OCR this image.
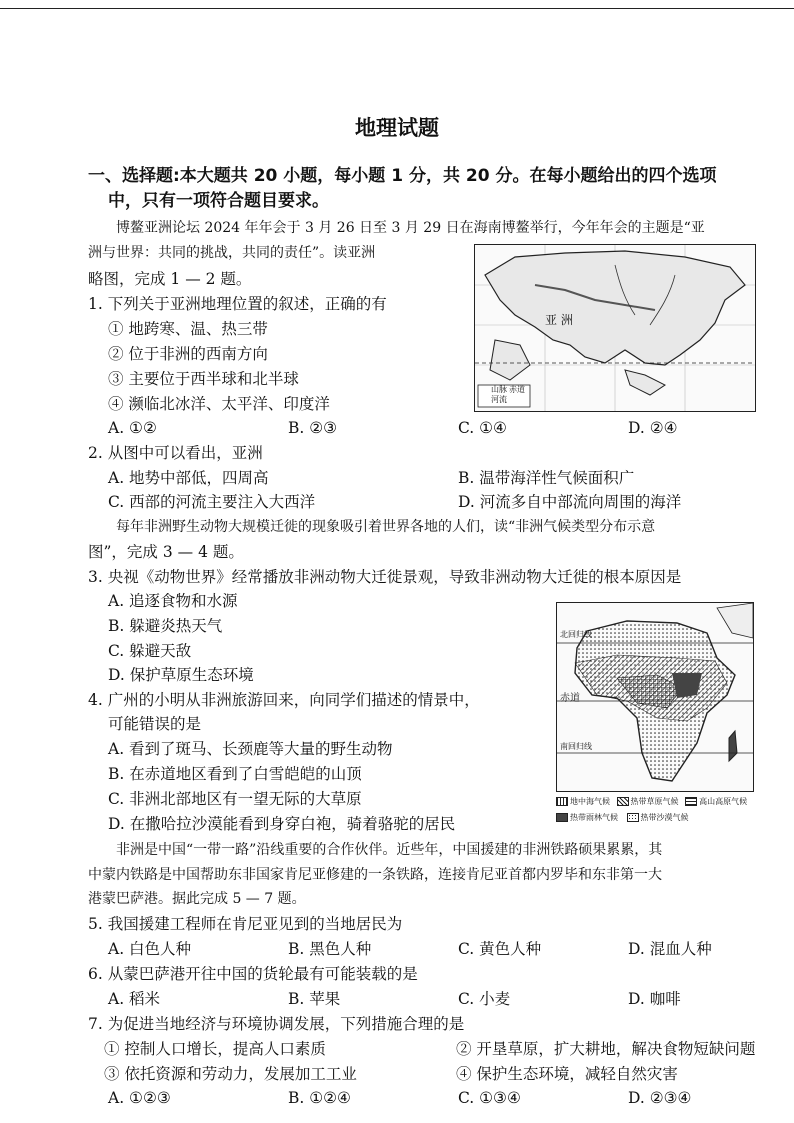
地理试题
一、选择题:本大题共 20 小题，每小题 1 分，共 20 分。在每小题给出的四个选项
中，只有一项符合题目要求。
博鳌亚洲论坛 2024 年年会于 3 月 26 日至 3 月 29 日在海南博鳌举行，今年年会的主题是“亚
洲与世界：共同的挑战，共同的责任”。读亚洲
略图，完成 1 — 2 题。
亚 洲
山脉
河流
赤道
1. 下列关于亚洲地理位置的叙述，正确的有
① 地跨寒、温、热三带
② 位于非洲的西南方向
③ 主要位于西半球和北半球
④ 濒临北冰洋、太平洋、印度洋
A. ①②	B. ②③	C. ①④	D. ②④
2. 从图中可以看出，亚洲
A. 地势中部低，四周高	B. 温带海洋性气候面积广
C. 西部的河流主要注入大西洋	D. 河流多自中部流向周围的海洋
每年非洲野生动物大规模迁徙的现象吸引着世界各地的人们，读“非洲气候类型分布示意
图”，完成 3 — 4 题。
3. 央视《动物世界》经常播放非洲动物大迁徙景观，导致非洲动物大迁徙的根本原因是
A. 追逐食物和水源
B. 躲避炎热天气
C. 躲避天敌
D. 保护草原生态环境
北回归线
赤道
南回归线
地中海气候	热带草原气候	高山高原气候
热带雨林气候	热带沙漠气候
4. 广州的小明从非洲旅游回来，向同学们描述的情景中，
可能错误的是
A. 看到了斑马、长颈鹿等大量的野生动物
B. 在赤道地区看到了白雪皑皑的山顶
C. 非洲北部地区有一望无际的大草原
D. 在撒哈拉沙漠能看到身穿白袍，骑着骆驼的居民
非洲是中国“一带一路”沿线重要的合作伙伴。近些年，中国援建的非洲铁路硕果累累，其
中蒙内铁路是中国帮助东非国家肯尼亚修建的一条铁路，连接肯尼亚首都内罗毕和东非第一大
港蒙巴萨港。据此完成 5 — 7 题。
5. 我国援建工程师在肯尼亚见到的当地居民为
A. 白色人种	B. 黑色人种	C. 黄色人种	D. 混血人种
6. 从蒙巴萨港开往中国的货轮最有可能装载的是
A. 稻米	B. 苹果	C. 小麦	D. 咖啡
7. 为促进当地经济与环境协调发展，下列措施合理的是
① 控制人口增长，提高人口素质	② 开垦草原，扩大耕地，解决食物短缺问题
③ 依托资源和劳动力，发展加工工业	④ 保护生态环境，减轻自然灾害
A. ①②③	B. ①②④	C. ①③④	D. ②③④
